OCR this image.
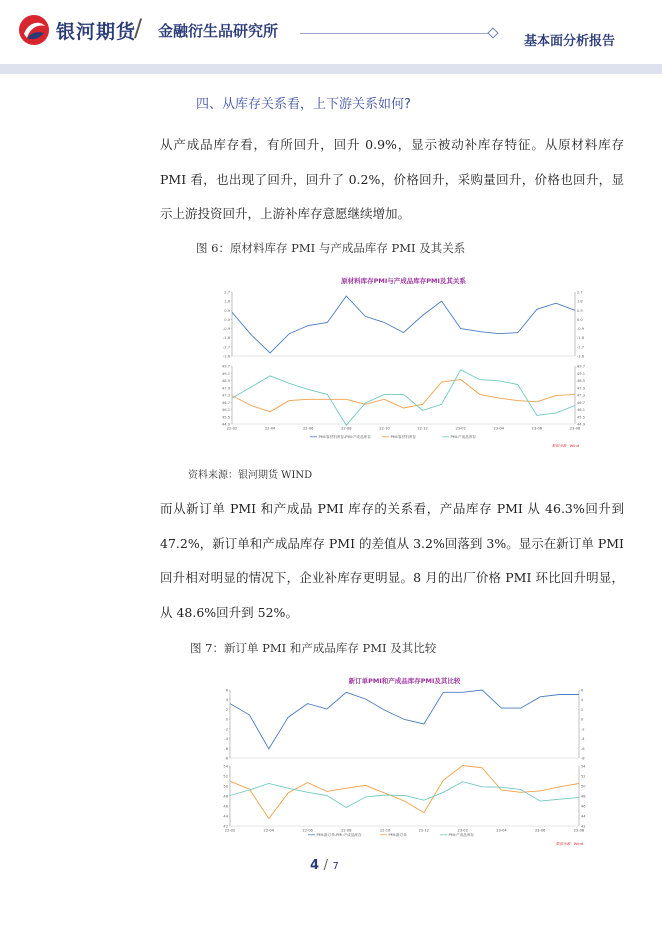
银河期货
/ 金融衍生品研究所
基本面分析报告
四、从库存关系看，上下游关系如何?
从产成品库存看，有所回升，回升 0.9%，显示被动补库存特征。从原材料库存 PMI 看，也出现了回升，回升了 0.2%，价格回升，采购量回升，价格也回升，显示上游投资回升，上游补库存意愿继续增加。
图 6：原材料库存 PMI 与产成品库存 PMI 及其关系
原材料库存PMI与产成品库存PMI及其关系
2.7	2.7
1.8	1.8
0.9	0.9
0.0	0.0
-0.9	-0.9
-1.8	-1.8
-2.7	-2.7
-3.6	-3.6
49.7	49.7
49.1	49.1
48.5	48.5
47.9	47.9
47.3	47.3
46.7	46.7
46.1	46.1
45.5	45.5
44.9	44.9
22-02	22-04	22-06	22-08	22-10	22-12	23-02	23-04	23-06	23-08
PMI:原材料库存-PMI:产成品库存	PMI:原材料库存	PMI:产成品库存
数据来源：Wind
资料来源：银河期货 WIND
而从新订单 PMI 和产成品 PMI 库存的关系看，产品库存 PMI 从 46.3%回升到 47.2%，新订单和产成品库存 PMI 的差值从 3.2%回落到 3%。显示在新订单 PMI 回升相对明显的情况下，企业补库存更明显。8 月的出厂价格 PMI 环比回升明显，从 48.6%回升到 52%。
图 7：新订单 PMI 和产成品库存 PMI 及其比较
新订单PMI和产成品库存PMI及其比较
6	6
4	4
2	2
0	0
-2	-2
-4	-4
-6	-6
-8	-8
54	54
52	52
50	50
48	48
46	46
44	44
42	42
22-02	22-04	22-06	22-08	22-10	22-12	23-02	23-04	23-06	23-08
PMI:新订单-PMI:产成品库存	PMI:新订单	PMI:产成品库存
数据来源：Wind
4 / 7
